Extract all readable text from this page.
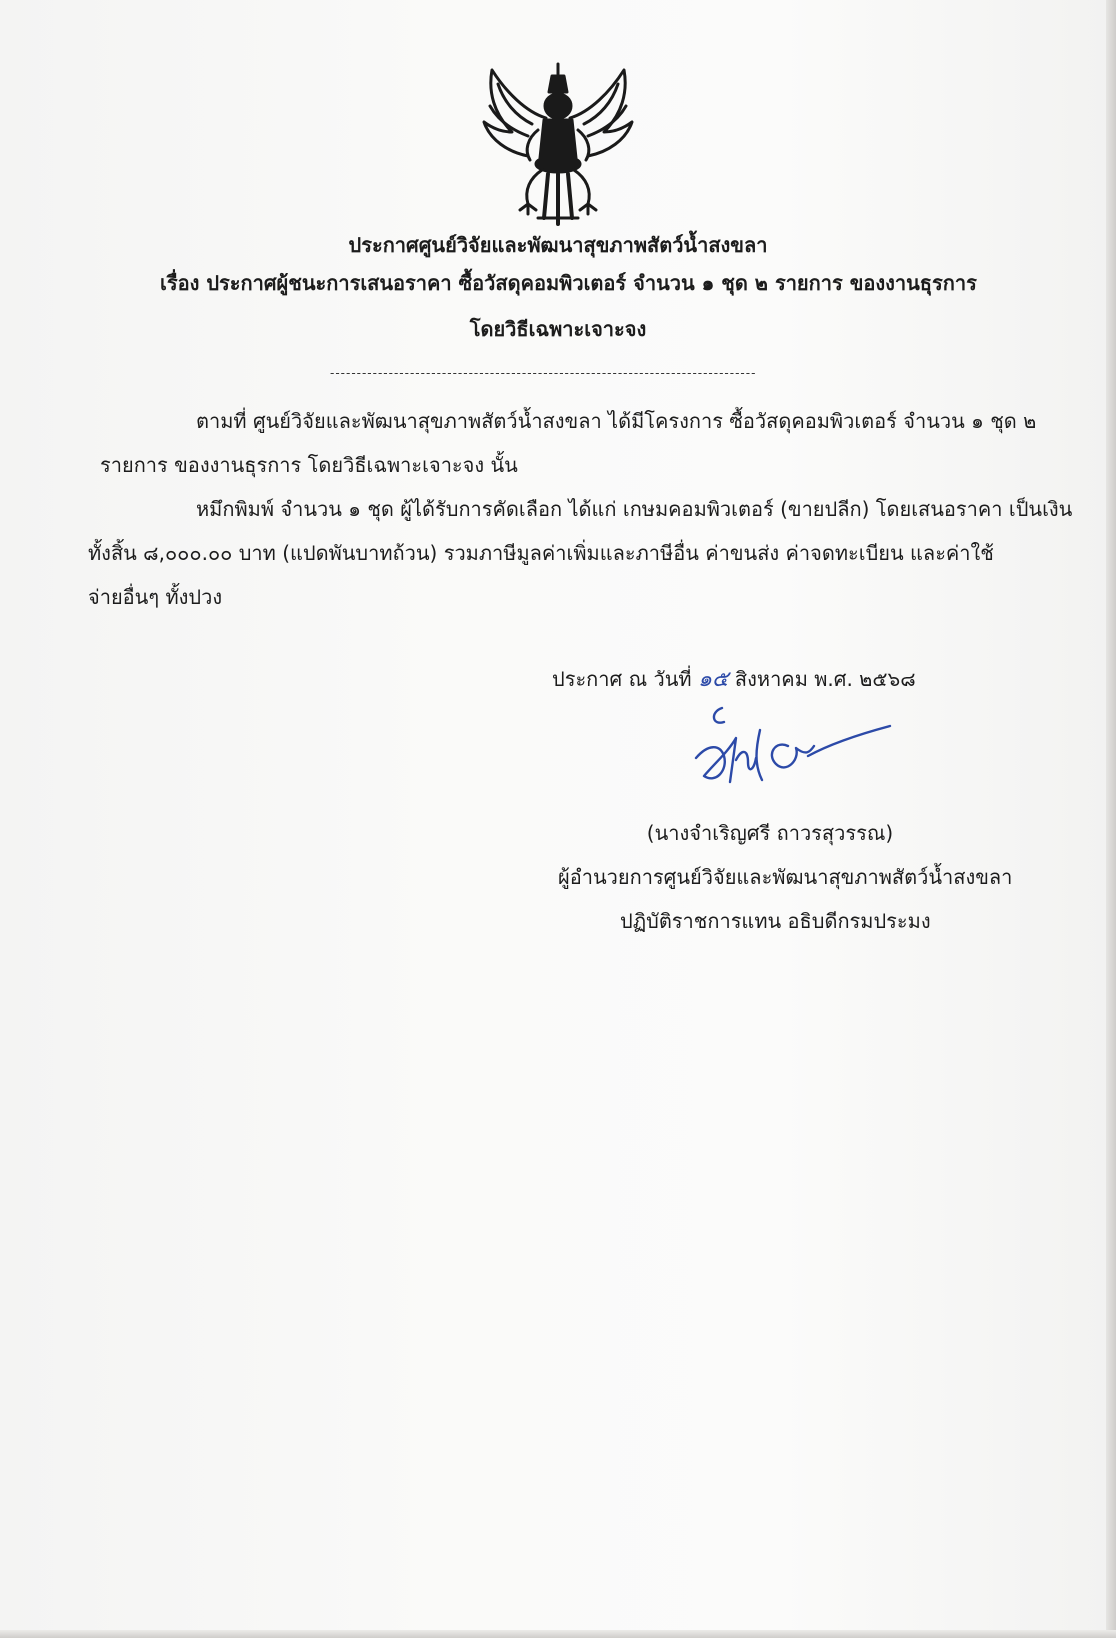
ประกาศศูนย์วิจัยและพัฒนาสุขภาพสัตว์น้ำสงขลา
เรื่อง ประกาศผู้ชนะการเสนอราคา ซื้อวัสดุคอมพิวเตอร์ จำนวน ๑ ชุด ๒ รายการ ของงานธุรการ
โดยวิธีเฉพาะเจาะจง
--------------------------------------------------------------------------------
ตามที่ ศูนย์วิจัยและพัฒนาสุขภาพสัตว์น้ำสงขลา ได้มีโครงการ ซื้อวัสดุคอมพิวเตอร์ จำนวน ๑ ชุด ๒
รายการ ของงานธุรการ โดยวิธีเฉพาะเจาะจง นั้น
หมึกพิมพ์ จำนวน ๑ ชุด ผู้ได้รับการคัดเลือก ได้แก่ เกษมคอมพิวเตอร์ (ขายปลีก) โดยเสนอราคา เป็นเงิน
ทั้งสิ้น ๘,๐๐๐.๐๐ บาท (แปดพันบาทถ้วน) รวมภาษีมูลค่าเพิ่มและภาษีอื่น ค่าขนส่ง ค่าจดทะเบียน และค่าใช้
จ่ายอื่นๆ ทั้งปวง
ประกาศ ณ วันที่ ๑๕ สิงหาคม พ.ศ. ๒๕๖๘
(นางจำเริญศรี ถาวรสุวรรณ)
ผู้อำนวยการศูนย์วิจัยและพัฒนาสุขภาพสัตว์น้ำสงขลา
ปฏิบัติราชการแทน อธิบดีกรมประมง
